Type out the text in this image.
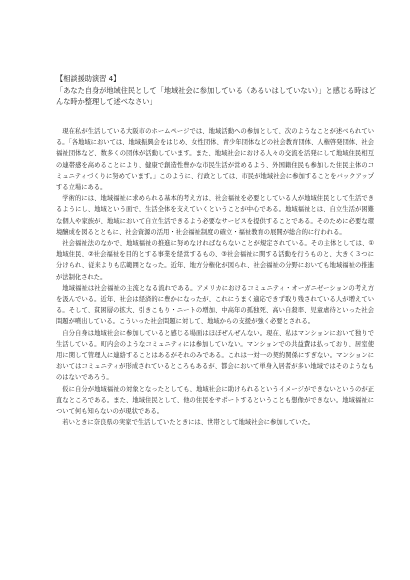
【相談援助演習 4】
「あなた自身が地域住民として「地域社会に参加している（あるいはしていない）」と感じる時はどんな時か整理して述べなさい」

現在私が生活している大阪市のホームページでは、地域活動への参加として、次のようなことが述べられている。「各地域においては、地域振興会をはじめ、女性団体、青少年団体などの社会教育団体、人権啓発団体、社会福祉団体など、数多くの団体が活動しています。また、地域社会における人々の交流を活発にして地域住民相互の連帯感を高めることにより、健康で創造性豊かな市民生活が営めるよう、外国籍住民も参加した住民主体のコミュニティづくりに努めています。」このように、行政としては、市民が地域社会に参加することをバックアップする立場にある。

学術的には、地域福祉に求められる基本的考え方は、社会福祉を必要としている人が地域住民として生活できるようにし、地域という面で、生活全体を支えていくということが中心である。地域福祉とは、自立生活が困難な個人や家族が、地域において自立生活できるよう必要なサービスを提供することである。そのために必要な環境醸成を図るとともに、社会資源の活用・社会福祉制度の確立・福祉教育の展開が総合的に行われる。

社会福祉法のなかで、地域福祉の推進に努めなければならないことが規定されている。その主体としては、①地域住民、②社会福祉を目的とする事業を経営するもの、③社会福祉に関する活動を行うものと、大きく３つに分けられ、従来よりも広範囲となった。近年、地方分権化が図られ、社会福祉の分野においても地域福祉の推進が法制化された。

地域福祉は社会福祉の主流となる流れである。アメリカにおけるコミュニティ・オーガニゼーションの考え方を汲んでいる。近年、社会は経済的に豊かになったが、これにうまく適応できず取り残されている人が増えている。そして、貧困層の拡大、引きこもり・ニートの増加、中高年の孤独死、高い自殺率、児童虐待といった社会問題が噴出している。こういった社会問題に対して、地域からの支援が強く必要とされる。

自分自身は地域社会に参加していると感じる場面はほぼぜんぜんない。現在、私はマンションにおいて独りで生活している。町内会のようなコミュニティには参加していない。マンションでの共益費は払っており、居室使用に関して管理人に連絡することはあるがそれのみである。これは一対一の契約関係にすぎない。マンションにおいてはコミュニティが形成されているところもあるが、都会において単身入居者が多い地域ではそのようなものはないであろう。

仮に自分が地域福祉の対象となったとしても、地域社会に助けられるというイメージができないというのが正直なところである。また、地域住民として、他の住民をサポートするということも想像ができない。地域福祉について何も知らないのが現状である。

若いときに奈良県の実家で生活していたときには、世帯として地域社会に参加していた。
